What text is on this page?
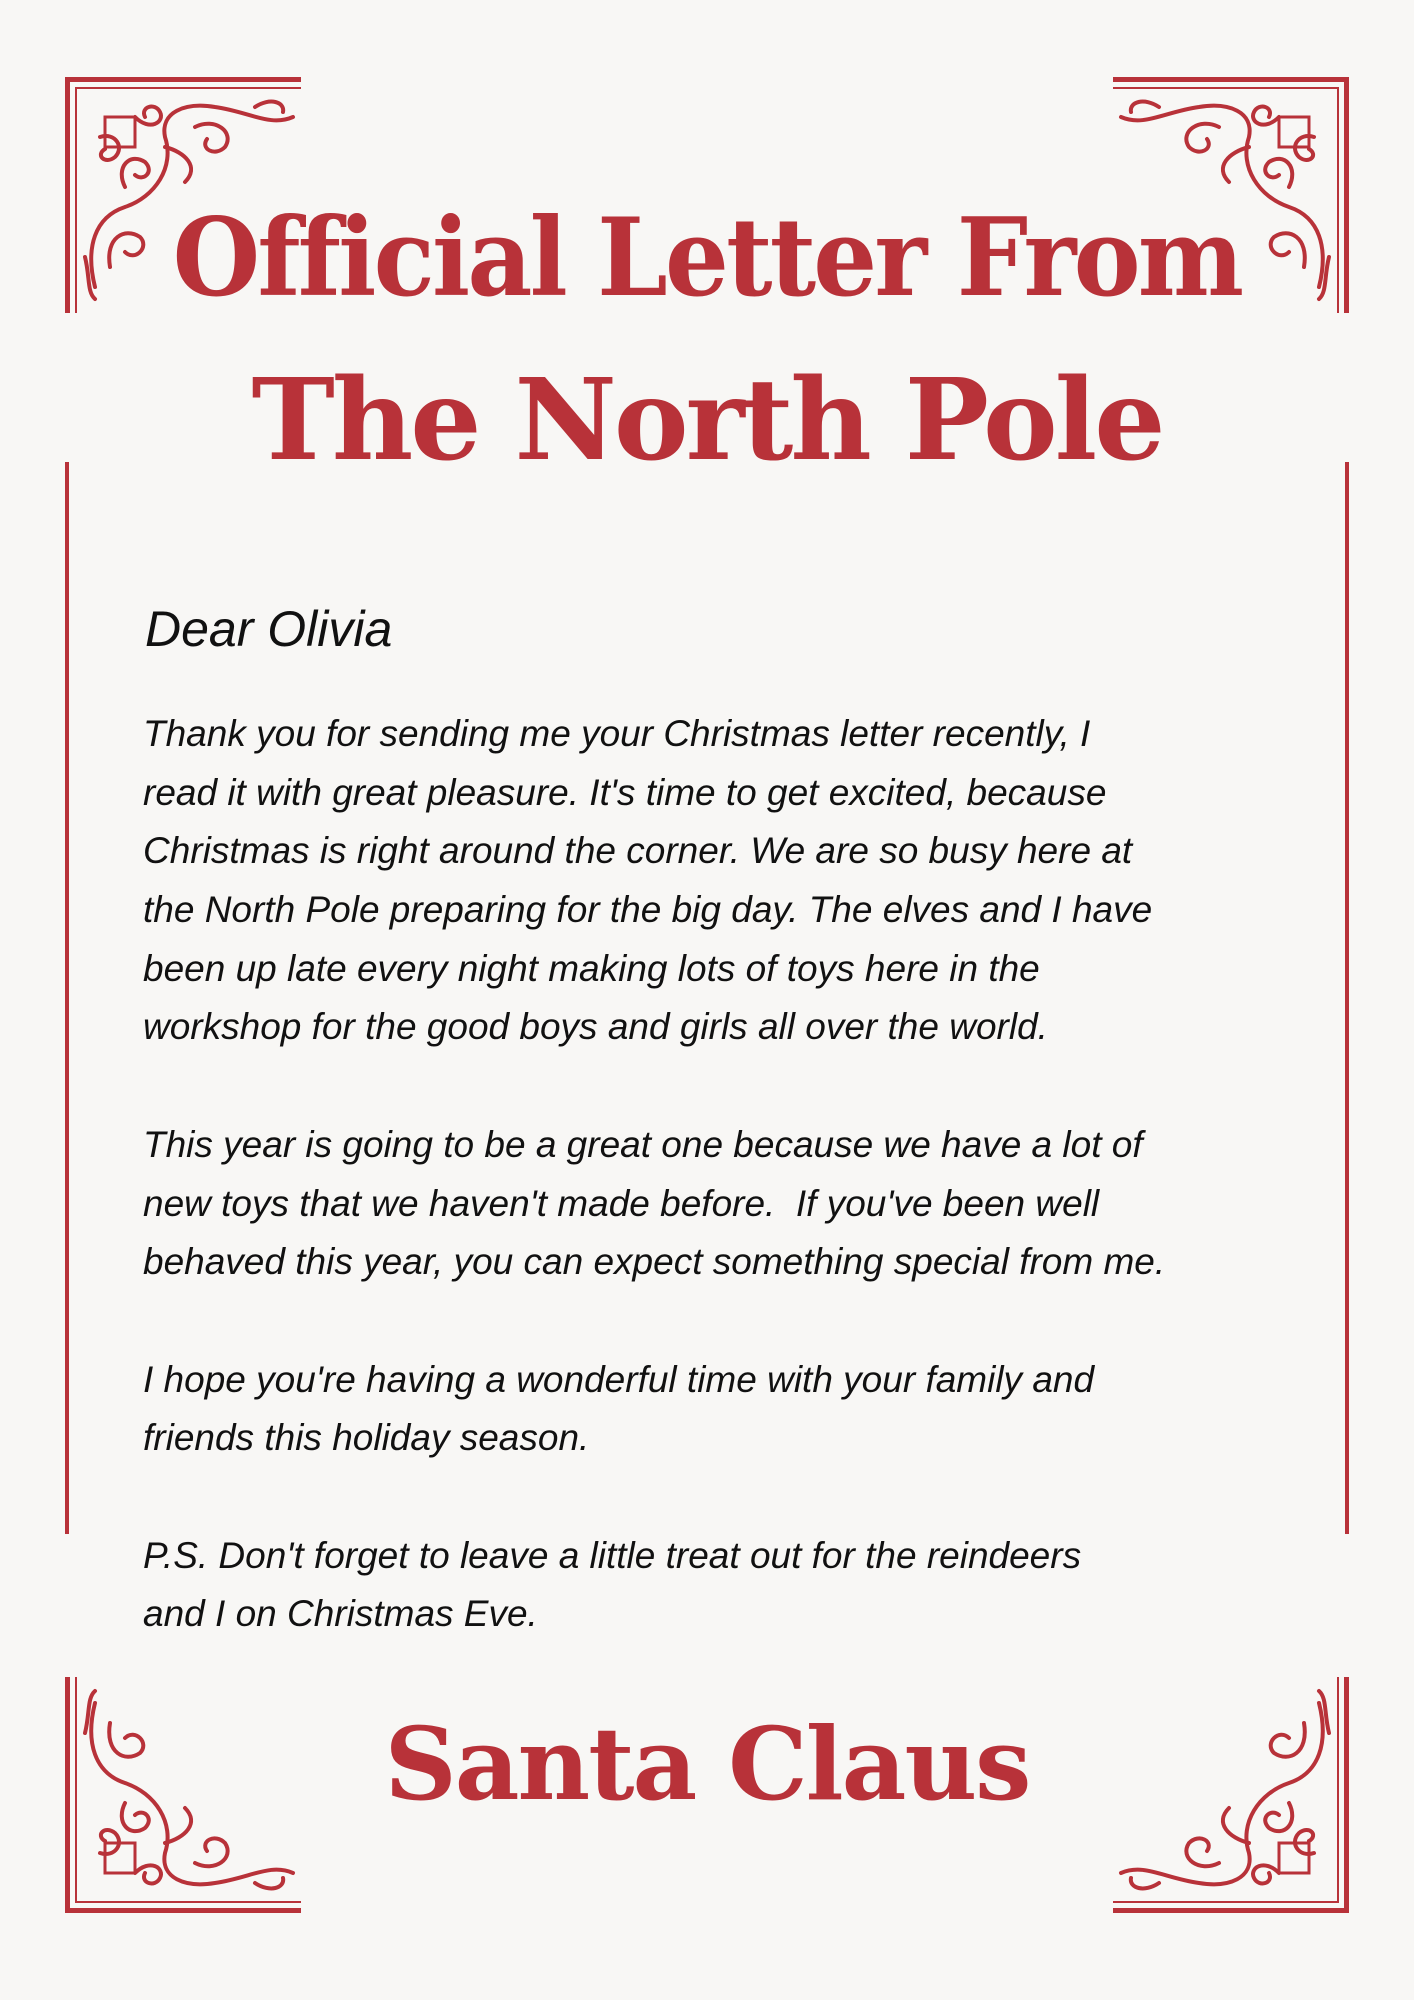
Official Letter From
The North Pole
Dear Olivia
Thank you for sending me your Christmas letter recently, I
read it with great pleasure. It's time to get excited, because
Christmas is right around the corner. We are so busy here at
the North Pole preparing for the big day. The elves and I have
been up late every night making lots of toys here in the
workshop for the good boys and girls all over the world.
This year is going to be a great one because we have a lot of
new toys that we haven't made before.  If you've been well
behaved this year, you can expect something special from me.
I hope you're having a wonderful time with your family and
friends this holiday season.
P.S. Don't forget to leave a little treat out for the reindeers
and I on Christmas Eve.
Santa Claus
